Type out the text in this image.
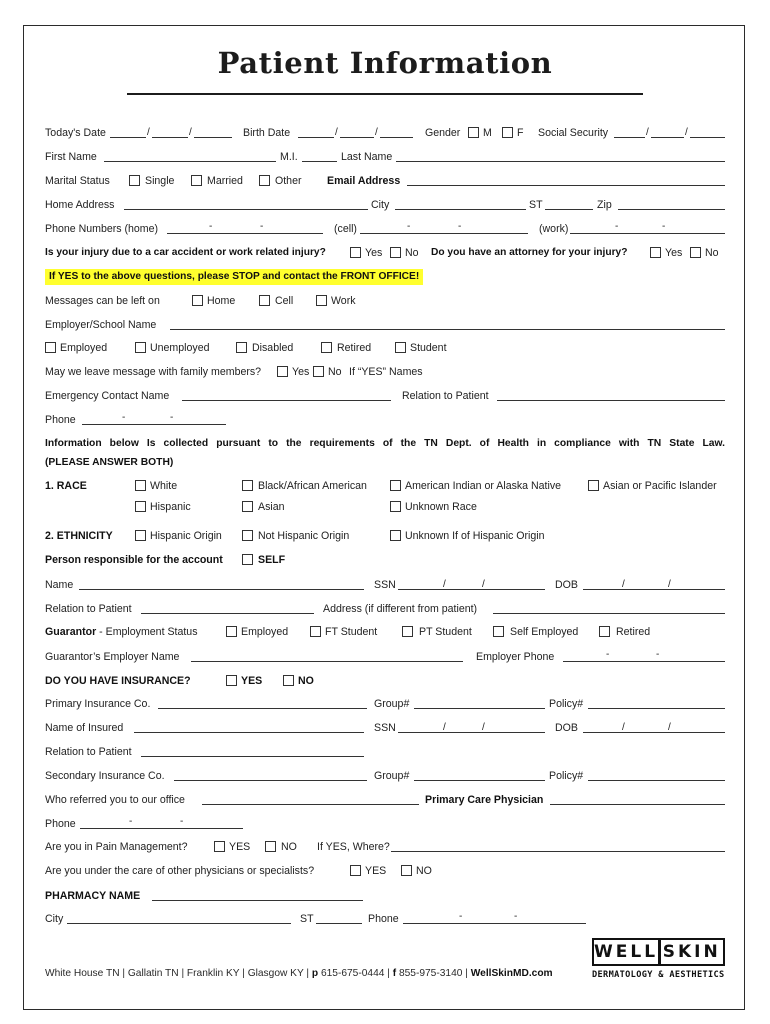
Patient Information
Today's Date	/	/	Birth Date	/	/	Gender M F Social Security	/	/
First Name	M.I.	Last Name
Marital Status	Single	Married	Other Email Address
Home Address	City	ST	Zip
Phone Numbers (home)	-	-	(cell)	-	-	(work)	-	-
Is your injury due to a car accident or work related injury?	Yes No Do you have an attorney for your injury?	Yes No
If YES to the above questions, please STOP and contact the FRONT OFFICE!
Messages can be left on	Home	Cell	Work
Employer/School Name
Employed	Unemployed	Disabled	Retired	Student
May we leave message with family members?	Yes No If “YES” Names
Emergency Contact Name	Relation to Patient
Phone	-	-
Information below Is collected pursuant to the requirements of the TN Dept. of Health in compliance with TN State Law.
(PLEASE ANSWER BOTH)
1. RACE	White	Black/African American	American Indian or Alaska Native	Asian or Pacific Islander
Hispanic	Asian	Unknown Race
2. ETHNICITY	Hispanic Origin	Not Hispanic Origin	Unknown If of Hispanic Origin
Person responsible for the account	SELF
Name	SSN	/	/	DOB	/	/
Relation to Patient	Address (if different from patient)
Guarantor - Employment Status	Employed	FT Student	PT Student	Self Employed	Retired
Guarantor’s Employer Name	Employer Phone	-	-
DO YOU HAVE INSURANCE?	YES	NO
Primary Insurance Co.	Group#	Policy#
Name of Insured	SSN	/	/	DOB	/	/
Relation to Patient
Secondary Insurance Co.	Group#	Policy#
Who referred you to our office	Primary Care Physician
Phone	-	-
Are you in Pain Management?	YES	NO If YES, Where?
Are you under the care of other physicians or specialists?	YES	NO
PHARMACY NAME
City	ST	Phone	-	-
White House TN | Gallatin TN | Franklin KY | Glasgow KY | p 615-675-0444 | f 855-975-3140 | WellSkinMD.com
WELL SKIN
DERMATOLOGY & AESTHETICS
